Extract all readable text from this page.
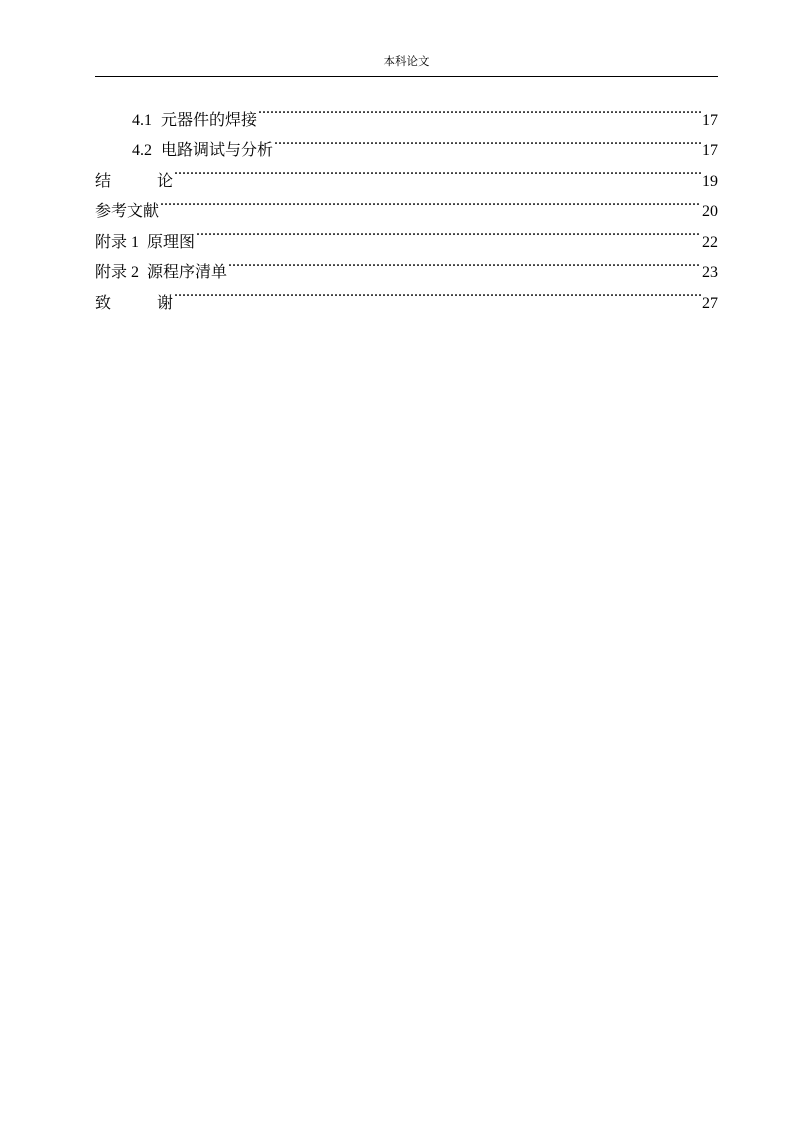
本科论文
4.1 元器件的焊接 .....	17
4.2 电路调试与分析 .....	17
结	论 .....	19
参考文献 .....	20
附录 1  原理图 .....	22
附录 2  源程序清单 .....	23
致	谢 .....	27
